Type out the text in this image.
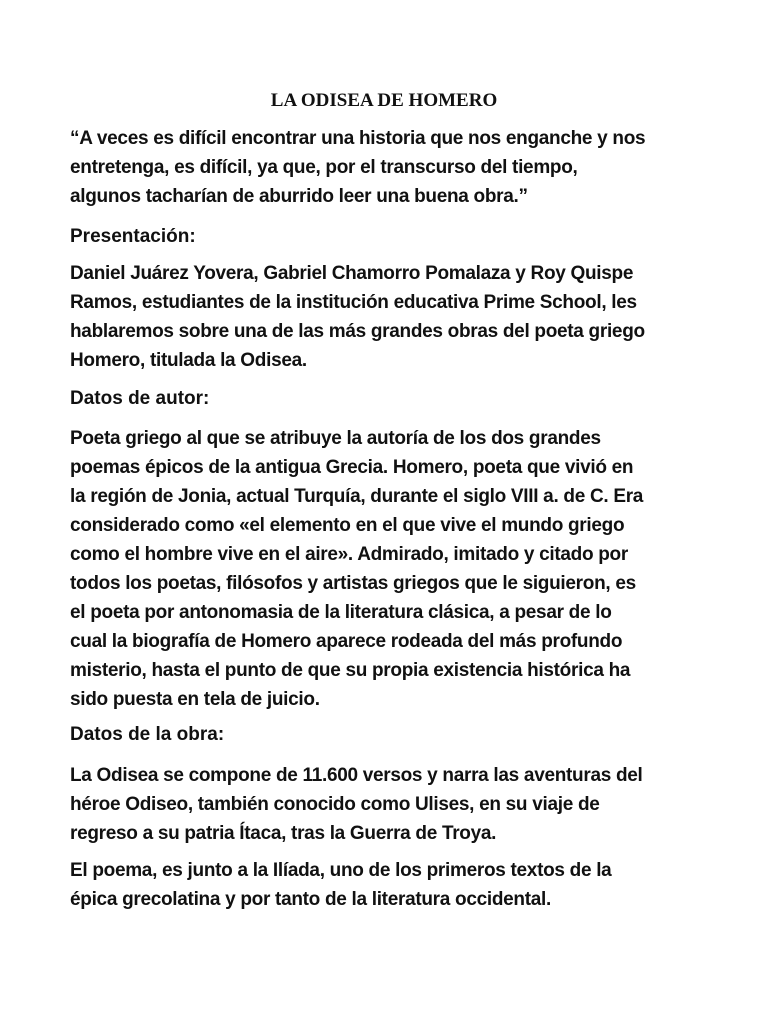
LA ODISEA DE HOMERO

“A veces es difícil encontrar una historia que nos enganche y nos
entretenga, es difícil, ya que, por el transcurso del tiempo,
algunos tacharían de aburrido leer una buena obra.”

Presentación:

Daniel Juárez Yovera, Gabriel Chamorro Pomalaza y Roy Quispe
Ramos, estudiantes de la institución educativa Prime School, les
hablaremos sobre una de las más grandes obras del poeta griego
Homero, titulada la Odisea.

Datos de autor:

Poeta griego al que se atribuye la autoría de los dos grandes
poemas épicos de la antigua Grecia. Homero, poeta que vivió en
la región de Jonia, actual Turquía, durante el siglo VIII a. de C. Era
considerado como «el elemento en el que vive el mundo griego
como el hombre vive en el aire». Admirado, imitado y citado por
todos los poetas, filósofos y artistas griegos que le siguieron, es
el poeta por antonomasia de la literatura clásica, a pesar de lo
cual la biografía de Homero aparece rodeada del más profundo
misterio, hasta el punto de que su propia existencia histórica ha
sido puesta en tela de juicio.

Datos de la obra:

La Odisea se compone de 11.600 versos y narra las aventuras del
héroe Odiseo, también conocido como Ulises, en su viaje de
regreso a su patria Ítaca, tras la Guerra de Troya.

El poema, es junto a la Ilíada, uno de los primeros textos de la
épica grecolatina y por tanto de la literatura occidental.
